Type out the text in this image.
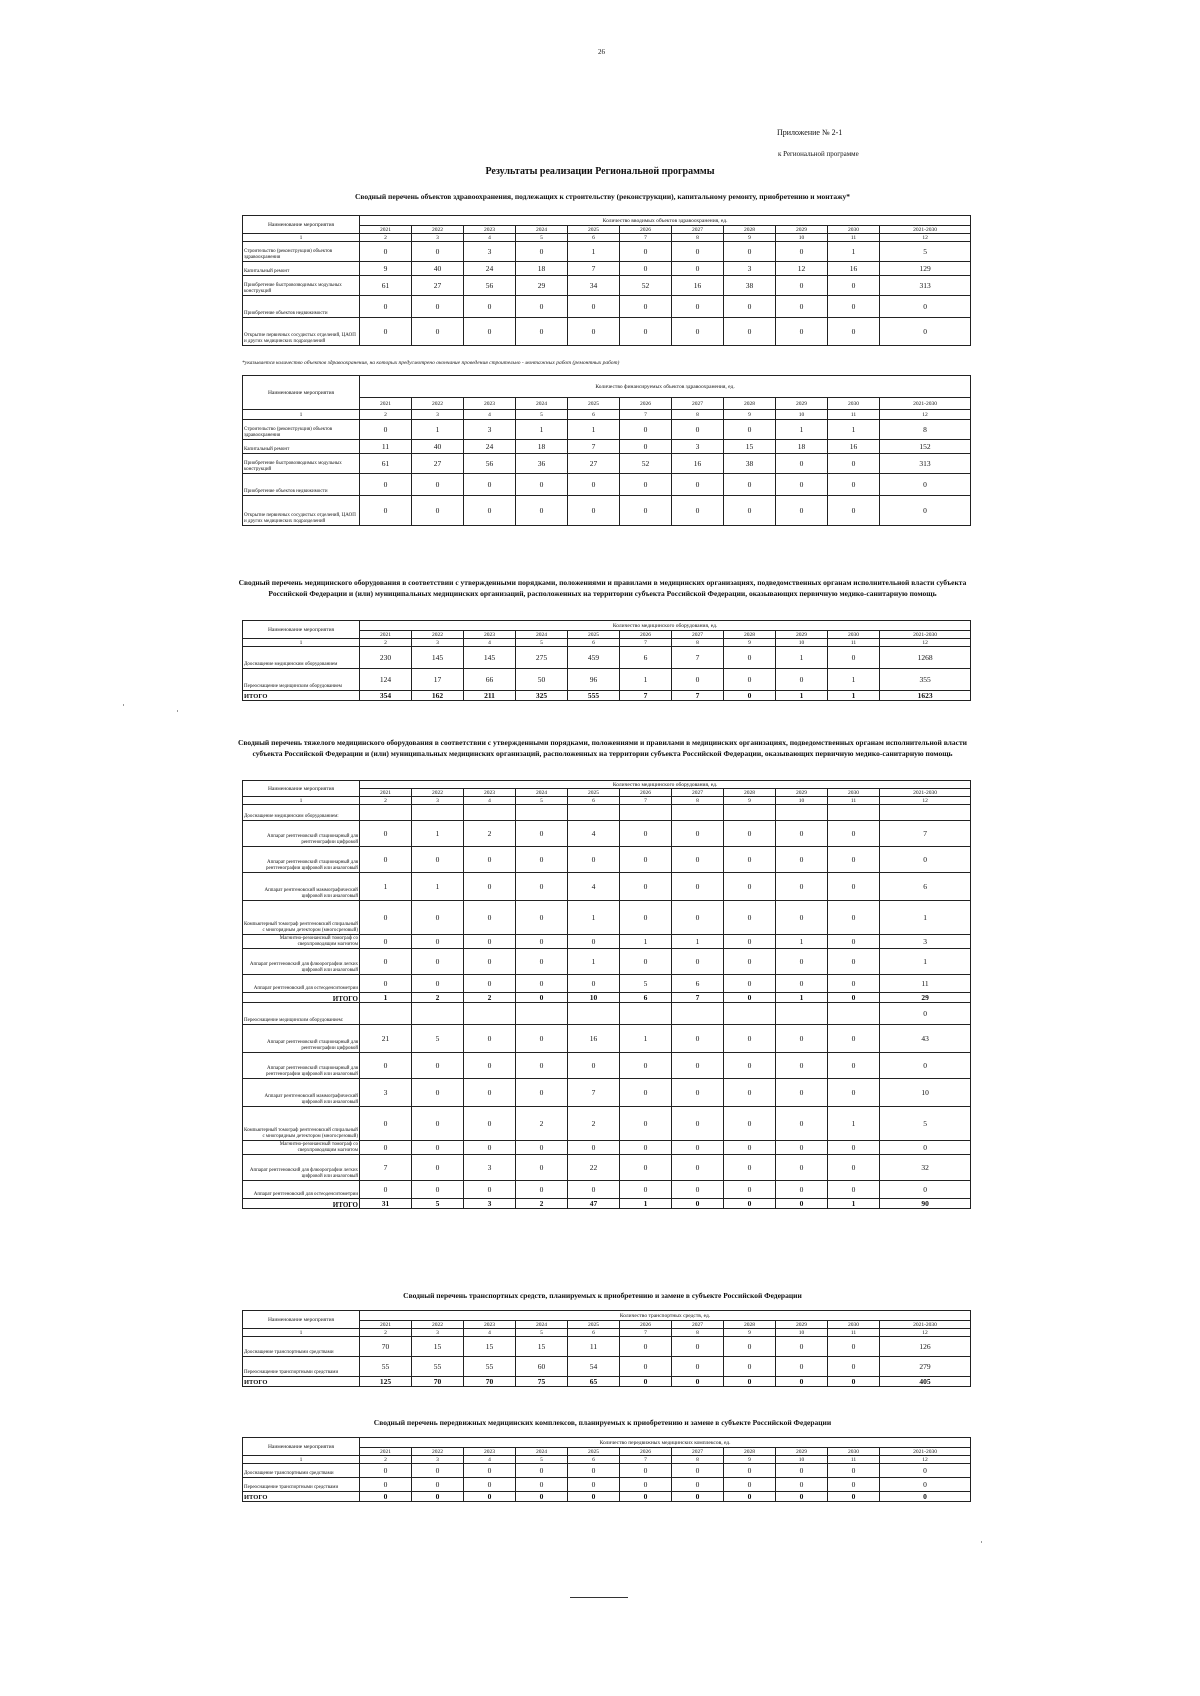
26
Приложение № 2-1
к Региональной программе
Результаты реализации Региональной программы
Сводный перечень объектов здравоохранения, подлежащих к строительству (реконструкции), капитальному ремонту, приобретению и монтажу*
Наименование мероприятия	Количество вводимых объектов здравоохранения, ед.										
	2021	2022	2023	2024	2025	2026	2027	2028	2029	2030	2021-2030
1	2	3	4	5	6	7	8	9	10	11	12
Строительство (реконструкция) объектов здравоохранения	0	0	3	0	1	0	0	0	0	1	5
Капитальный ремонт	9	40	24	18	7	0	0	3	12	16	129
Приобретение быстровозводимых модульных конструкций	61	27	56	29	34	52	16	38	0	0	313
Приобретение объектов недвижимости	0	0	0	0	0	0	0	0	0	0	0
Открытие первичных сосудистых отделений, ЦАОП и других медицинских подразделений	0	0	0	0	0	0	0	0	0	0	0
*указывается количество объектов здравоохранения, на которых предусмотрено окончание проведения строительно - монтажных работ (ремонтных работ)
Наименование мероприятия	Количество финансируемых объектов здравоохранения, ед.										
	2021	2022	2023	2024	2025	2026	2027	2028	2029	2030	2021-2030
1	2	3	4	5	6	7	8	9	10	11	12
Строительство (реконструкция) объектов здравоохранения	0	1	3	1	1	0	0	0	1	1	8
Капитальный ремонт	11	40	24	18	7	0	3	15	18	16	152
Приобретение быстровозводимых модульных конструкций	61	27	56	36	27	52	16	38	0	0	313
Приобретение объектов недвижимости	0	0	0	0	0	0	0	0	0	0	0
Открытие первичных сосудистых отделений, ЦАОП и других медицинских подразделений	0	0	0	0	0	0	0	0	0	0	0
Сводный перечень медицинского оборудования в соответствии с утвержденными порядками, положениями и правилами в медицинских организациях, подведомственных органам исполнительной власти субъекта Российской Федерации и (или) муниципальных медицинских организаций, расположенных на территории субъекта Российской Федерации, оказывающих первичную медико-санитарную помощь
Наименование мероприятия	Количество медицинского оборудования, ед.										
	2021	2022	2023	2024	2025	2026	2027	2028	2029	2030	2021-2030
1	2	3	4	5	6	7	8	9	10	11	12
Дооснащение медицинским оборудованием	230	145	145	275	459	6	7	0	1	0	1268
Переоснащение медицинским оборудованием	124	17	66	50	96	1	0	0	0	1	355
ИТОГО	354	162	211	325	555	7	7	0	1	1	1623
Сводный перечень тяжелого медицинского оборудования в соответствии с утвержденными порядками, положениями и правилами в медицинских организациях, подведомственных органам исполнительной власти субъекта Российской Федерации и (или) муниципальных медицинских организаций, расположенных на территории субъекта Российской Федерации, оказывающих первичную медико-санитарную помощь
Наименование мероприятия	Количество медицинского оборудования, ед.										
	2021	2022	2023	2024	2025	2026	2027	2028	2029	2030	2021-2030
1	2	3	4	5	6	7	8	9	10	11	12
Дооснащение медицинским оборудованием:											
Аппарат рентгеновский стационарный для рентгенографии цифровой	0	1	2	0	4	0	0	0	0	0	7
Аппарат рентгеновский стационарный для рентгенографии цифровой или аналоговый	0	0	0	0	0	0	0	0	0	0	0
Аппарат рентгеновский маммографический цифровой или аналоговый	1	1	0	0	4	0	0	0	0	0	6
Компьютерный томограф рентгеновский спиральный с многорядным детектором (многосрезовый)	0	0	0	0	1	0	0	0	0	0	1
Магнитно-резонансный томограф со сверхпроводящим магнитом	0	0	0	0	0	1	1	0	1	0	3
Аппарат рентгеновский для флюорографии легких цифровой или аналоговый	0	0	0	0	1	0	0	0	0	0	1
Аппарат рентгеновский для остеоденситометрии	0	0	0	0	0	5	6	0	0	0	11
ИТОГО	1	2	2	0	10	6	7	0	1	0	29
Переоснащение медицинским оборудованием:											0
Аппарат рентгеновский стационарный для рентгенографии цифровой	21	5	0	0	16	1	0	0	0	0	43
Аппарат рентгеновский стационарный для рентгенографии цифровой или аналоговый	0	0	0	0	0	0	0	0	0	0	0
Аппарат рентгеновский маммографический цифровой или аналоговый	3	0	0	0	7	0	0	0	0	0	10
Компьютерный томограф рентгеновский спиральный с многорядным детектором (многосрезовый)	0	0	0	2	2	0	0	0	0	1	5
Магнитно-резонансный томограф со сверхпроводящим магнитом	0	0	0	0	0	0	0	0	0	0	0
Аппарат рентгеновский для флюорографии легких цифровой или аналоговый	7	0	3	0	22	0	0	0	0	0	32
Аппарат рентгеновский для остеоденситометрии	0	0	0	0	0	0	0	0	0	0	0
ИТОГО	31	5	3	2	47	1	0	0	0	1	90
Сводный перечень транспортных средств, планируемых к приобретению и замене в субъекте Российской Федерации
Наименование мероприятия	Количество транспортных средств, ед.										
	2021	2022	2023	2024	2025	2026	2027	2028	2029	2030	2021-2030
1	2	3	4	5	6	7	8	9	10	11	12
Дооснащение транспортными средствами	70	15	15	15	11	0	0	0	0	0	126
Переоснащение транспортными средствами	55	55	55	60	54	0	0	0	0	0	279
ИТОГО	125	70	70	75	65	0	0	0	0	0	405
Сводный перечень передвижных медицинских комплексов, планируемых к приобретению и замене в субъекте Российской Федерации
Наименование мероприятия	Количество передвижных медицинских комплексов, ед.										
	2021	2022	2023	2024	2025	2026	2027	2028	2029	2030	2021-2030
1	2	3	4	5	6	7	8	9	10	11	12
Дооснащение транспортными средствами	0	0	0	0	0	0	0	0	0	0	0
Переоснащение транспортными средствами	0	0	0	0	0	0	0	0	0	0	0
ИТОГО	0	0	0	0	0	0	0	0	0	0	0
